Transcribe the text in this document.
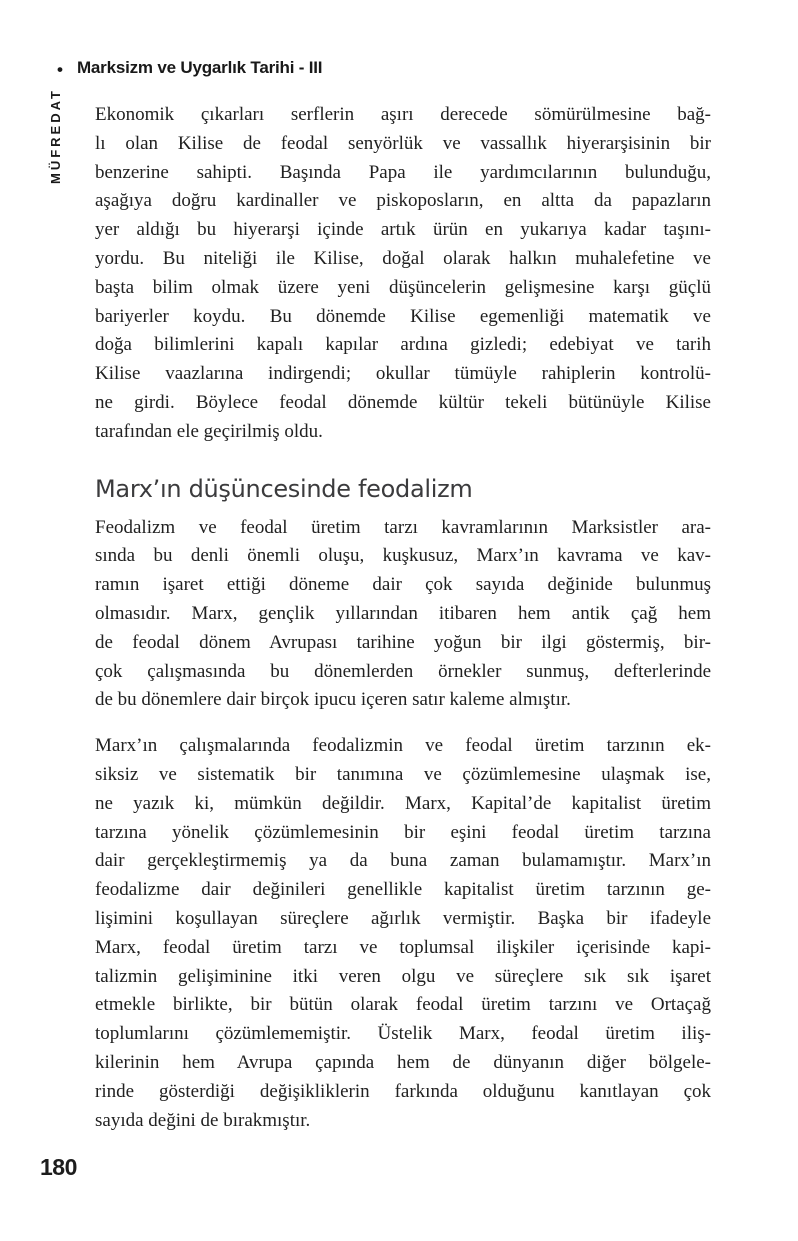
• Marksizm ve Uygarlık Tarihi - III
MÜFREDAT Ekonomik çıkarları serflerin aşırı derecede sömürülmesine bağ-
lı olan Kilise de feodal senyörlük ve vassallık hiyerarşisinin bir
benzerine sahipti. Başında Papa ile yardımcılarının bulunduğu,
aşağıya doğru kardinaller ve piskoposların, en altta da papazların
yer aldığı bu hiyerarşi içinde artık ürün en yukarıya kadar taşını-
yordu. Bu niteliği ile Kilise, doğal olarak halkın muhalefetine ve
başta bilim olmak üzere yeni düşüncelerin gelişmesine karşı güçlü
bariyerler koydu. Bu dönemde Kilise egemenliği matematik ve
doğa bilimlerini kapalı kapılar ardına gizledi; edebiyat ve tarih
Kilise vaazlarına indirgendi; okullar tümüyle rahiplerin kontrolü-
ne girdi. Böylece feodal dönemde kültür tekeli bütünüyle Kilise
tarafından ele geçirilmiş oldu.
Marx’ın düşüncesinde feodalizm
Feodalizm ve feodal üretim tarzı kavramlarının Marksistler ara-
sında bu denli önemli oluşu, kuşkusuz, Marx’ın kavrama ve kav-
ramın işaret ettiği döneme dair çok sayıda değinide bulunmuş
olmasıdır. Marx, gençlik yıllarından itibaren hem antik çağ hem
de feodal dönem Avrupası tarihine yoğun bir ilgi göstermiş, bir-
çok çalışmasında bu dönemlerden örnekler sunmuş, defterlerinde
de bu dönemlere dair birçok ipucu içeren satır kaleme almıştır.
Marx’ın çalışmalarında feodalizmin ve feodal üretim tarzının ek-
siksiz ve sistematik bir tanımına ve çözümlemesine ulaşmak ise,
ne yazık ki, mümkün değildir. Marx, Kapital’de kapitalist üretim
tarzına yönelik çözümlemesinin bir eşini feodal üretim tarzına
dair gerçekleştirmemiş ya da buna zaman bulamamıştır. Marx’ın
feodalizme dair değinileri genellikle kapitalist üretim tarzının ge-
lişimini koşullayan süreçlere ağırlık vermiştir. Başka bir ifadeyle
Marx, feodal üretim tarzı ve toplumsal ilişkiler içerisinde kapi-
talizmin gelişiminine itki veren olgu ve süreçlere sık sık işaret
etmekle birlikte, bir bütün olarak feodal üretim tarzını ve Ortaçağ
toplumlarını çözümlememiştir. Üstelik Marx, feodal üretim iliş-
kilerinin hem Avrupa çapında hem de dünyanın diğer bölgele-
rinde gösterdiği değişikliklerin farkında olduğunu kanıtlayan çok
sayıda değini de bırakmıştır.
180
